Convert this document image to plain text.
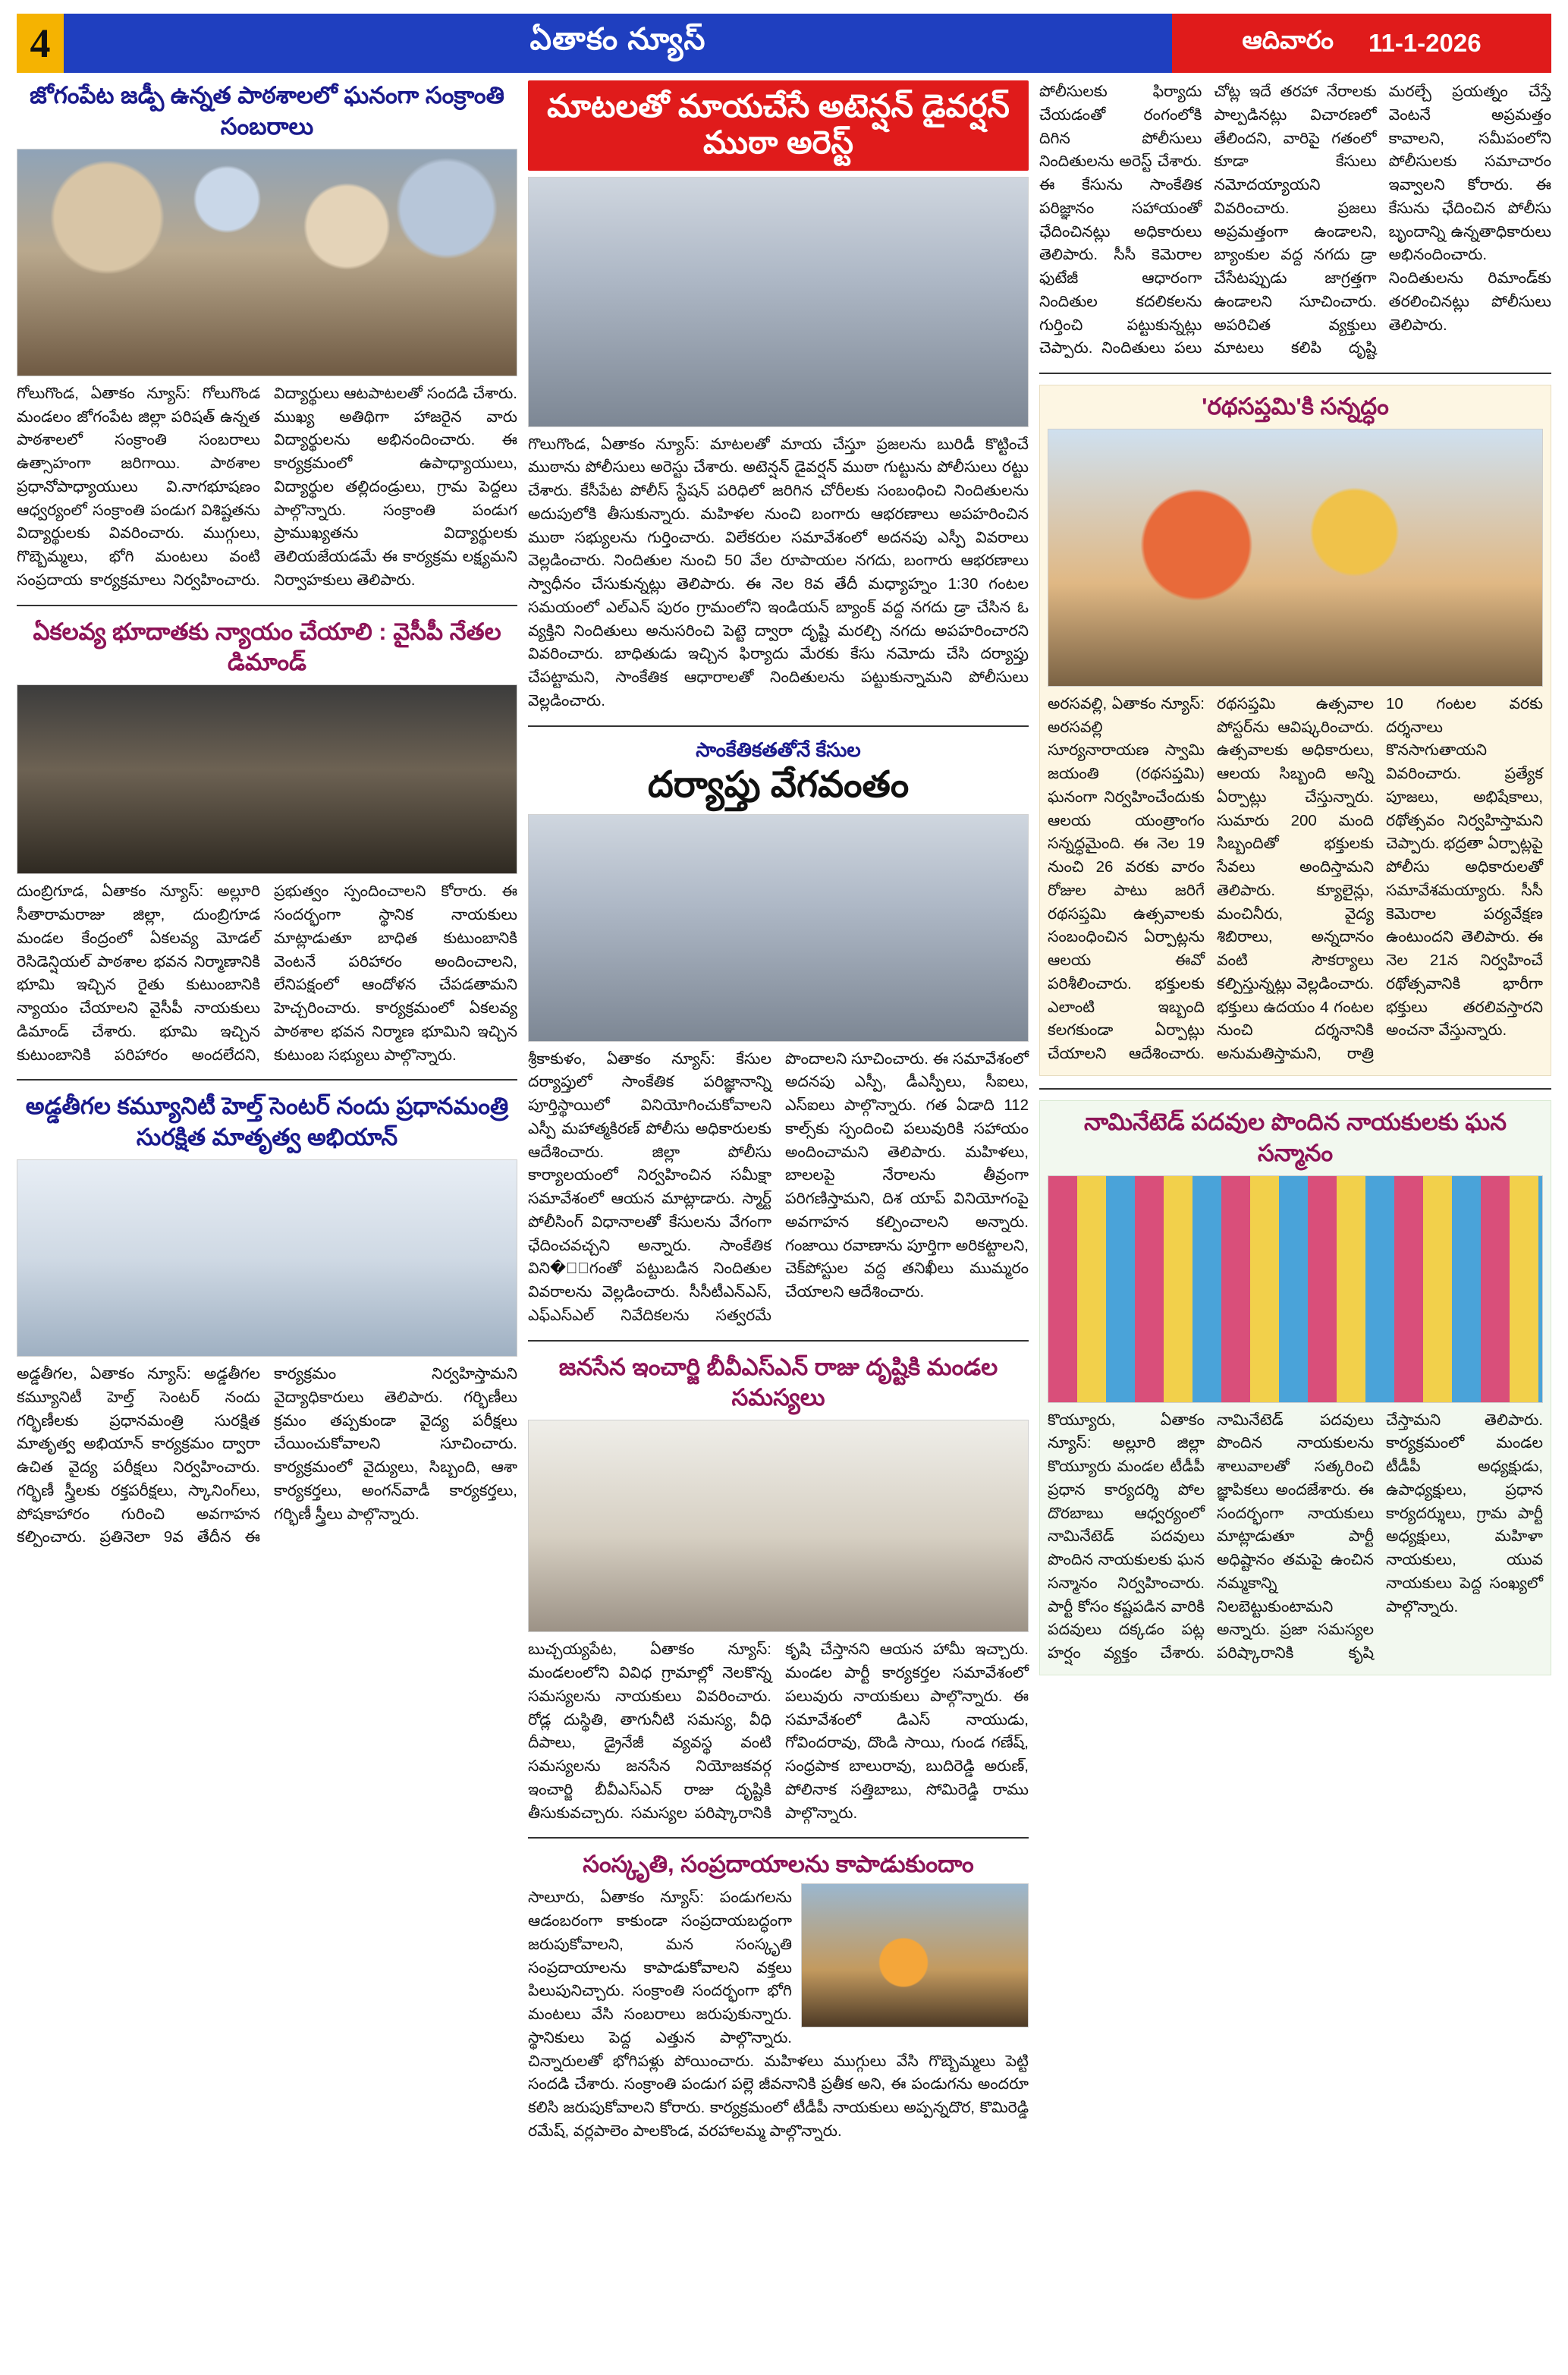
4	ఏతాకం న్యూస్	ఆదివారం 11-1-2026
జోగంపేట జడ్పీ ఉన్నత పాఠశాలలో ఘనంగా సంక్రాంతి సంబరాలు

గోలుగొండ, ఏతాకం న్యూస్: గోలుగొండ మండలం జోగంపేట జిల్లా పరిషత్ ఉన్నత పాఠశాలలో సంక్రాంతి సంబరాలు ఉత్సాహంగా జరిగాయి. పాఠశాల ప్రధానోపాధ్యాయులు వి.నాగభూషణం ఆధ్వర్యంలో సంక్రాంతి పండుగ విశిష్టతను విద్యార్థులకు వివరించారు. ముగ్గులు, గొబ్బెమ్మలు, భోగి మంటలు వంటి సంప్రదాయ కార్యక్రమాలు నిర్వహించారు. విద్యార్థులు ఆటపాటలతో సందడి చేశారు. ముఖ్య అతిథిగా హాజరైన వారు విద్యార్థులను అభినందించారు. ఈ కార్యక్రమంలో ఉపాధ్యాయులు, విద్యార్థుల తల్లిదండ్రులు, గ్రామ పెద్దలు పాల్గొన్నారు. సంక్రాంతి పండుగ ప్రాముఖ్యతను విద్యార్థులకు తెలియజేయడమే ఈ కార్యక్రమ లక్ష్యమని నిర్వాహకులు తెలిపారు.

ఏకలవ్య భూదాతకు న్యాయం చేయాలి : వైసీపీ నేతల డిమాండ్

దుంబ్రిగూడ, ఏతాకం న్యూస్: అల్లూరి సీతారామరాజు జిల్లా, దుంబ్రిగూడ మండల కేంద్రంలో ఏకలవ్య మోడల్ రెసిడెన్షియల్ పాఠశాల భవన నిర్మాణానికి భూమి ఇచ్చిన రైతు కుటుంబానికి న్యాయం చేయాలని వైసీపీ నాయకులు డిమాండ్ చేశారు. భూమి ఇచ్చిన కుటుంబానికి పరిహారం అందలేదని, ప్రభుత్వం స్పందించాలని కోరారు. ఈ సందర్భంగా స్థానిక నాయకులు మాట్లాడుతూ బాధిత కుటుంబానికి వెంటనే పరిహారం అందించాలని, లేనిపక్షంలో ఆందోళన చేపడతామని హెచ్చరించారు. కార్యక్రమంలో ఏకలవ్య పాఠశాల భవన నిర్మాణ భూమిని ఇచ్చిన కుటుంబ సభ్యులు పాల్గొన్నారు.

అడ్డతీగల కమ్యూనిటీ హెల్త్ సెంటర్ నందు ప్రధానమంత్రి సురక్షిత మాతృత్వ అభియాన్

అడ్డతీగల, ఏతాకం న్యూస్: అడ్డతీగల కమ్యూనిటీ హెల్త్ సెంటర్ నందు గర్భిణీలకు ప్రధానమంత్రి సురక్షిత మాతృత్వ అభియాన్ కార్యక్రమం ద్వారా ఉచిత వైద్య పరీక్షలు నిర్వహించారు. గర్భిణీ స్త్రీలకు రక్తపరీక్షలు, స్కానింగ్‌లు, పోషకాహారం గురించి అవగాహన కల్పించారు. ప్రతినెలా 9వ తేదీన ఈ కార్యక్రమం నిర్వహిస్తామని వైద్యాధికారులు తెలిపారు. గర్భిణీలు క్రమం తప్పకుండా వైద్య పరీక్షలు చేయించుకోవాలని సూచించారు. కార్యక్రమంలో వైద్యులు, సిబ్బంది, ఆశా కార్యకర్తలు, అంగన్‌వాడీ కార్యకర్తలు, గర్భిణీ స్త్రీలు పాల్గొన్నారు.

మాటలతో మాయచేసే అటెన్షన్ డైవర్షన్ ముఠా అరెస్ట్

గొలుగొండ, ఏతాకం న్యూస్: మాటలతో మాయ చేస్తూ ప్రజలను బురిడీ కొట్టించే ముఠాను పోలీసులు అరెస్టు చేశారు. అటెన్షన్ డైవర్షన్ ముఠా గుట్టును పోలీసులు రట్టు చేశారు. కేసీపేట పోలీస్ స్టేషన్ పరిధిలో జరిగిన చోరీలకు సంబంధించి నిందితులను అదుపులోకి తీసుకున్నారు. మహిళల నుంచి బంగారు ఆభరణాలు అపహరించిన ముఠా సభ్యులను గుర్తించారు. విలేకరుల సమావేశంలో అదనపు ఎస్పీ వివరాలు వెల్లడించారు. నిందితుల నుంచి 50 వేల రూపాయల నగదు, బంగారు ఆభరణాలు స్వాధీనం చేసుకున్నట్లు తెలిపారు. ఈ నెల 8వ తేదీ మధ్యాహ్నం 1:30 గంటల సమయంలో ఎల్‌ఎన్ పురం గ్రామంలోని ఇండియన్ బ్యాంక్ వద్ద నగదు డ్రా చేసిన ఓ వ్యక్తిని నిందితులు అనుసరించి పెట్టె ద్వారా దృష్టి మరల్చి నగదు అపహరించారని వివరించారు. బాధితుడు ఇచ్చిన ఫిర్యాదు మేరకు కేసు నమోదు చేసి దర్యాప్తు చేపట్టామని, సాంకేతిక ఆధారాలతో నిందితులను పట్టుకున్నామని పోలీసులు వెల్లడించారు.

సాంకేతికతతోనే కేసుల

దర్యాప్తు వేగవంతం

శ్రీకాకుళం, ఏతాకం న్యూస్: కేసుల దర్యాప్తులో సాంకేతిక పరిజ్ఞానాన్ని పూర్తిస్థాయిలో వినియోగించుకోవాలని ఎస్పీ మహాత్మకిరణ్ పోలీసు అధికారులకు ఆదేశించారు. జిల్లా పోలీసు కార్యాలయంలో నిర్వహించిన సమీక్షా సమావేశంలో ఆయన మాట్లాడారు. స్మార్ట్ పోలీసింగ్ విధానాలతో కేసులను వేగంగా ఛేదించవచ్చని అన్నారు. సాంకేతిక విని��ోగంతో పట్టుబడిన నిందితుల వివరాలను వెల్లడించారు. సీసీటీఎన్ఎస్, ఎఫ్ఎస్ఎల్ నివేదికలను సత్వరమే పొందాలని సూచించారు. ఈ సమావేశంలో అదనపు ఎస్పీ, డీఎస్పీలు, సీఐలు, ఎస్ఐలు పాల్గొన్నారు. గత ఏడాది 112 కాల్స్‌కు స్పందించి పలువురికి సహాయం అందించామని తెలిపారు. మహిళలు, బాలలపై నేరాలను తీవ్రంగా పరిగణిస్తామని, దిశ యాప్ వినియోగంపై అవగాహన కల్పించాలని అన్నారు. గంజాయి రవాణాను పూర్తిగా అరికట్టాలని, చెక్‌పోస్టుల వద్ద తనిఖీలు ముమ్మరం చేయాలని ఆదేశించారు.

జనసేన ఇంచార్జి బీవీఎస్ఎన్ రాజు దృష్టికి మండల సమస్యలు

బుచ్చయ్యపేట, ఏతాకం న్యూస్: మండలంలోని వివిధ గ్రామాల్లో నెలకొన్న సమస్యలను నాయకులు వివరించారు. రోడ్ల దుస్థితి, తాగునీటి సమస్య, వీధి దీపాలు, డ్రైనేజీ వ్యవస్థ వంటి సమస్యలను జనసేన నియోజకవర్గ ఇంచార్జి బీవీఎస్ఎన్ రాజు దృష్టికి తీసుకువచ్చారు. సమస్యల పరిష్కారానికి కృషి చేస్తానని ఆయన హామీ ఇచ్చారు. మండల పార్టీ కార్యకర్తల సమావేశంలో పలువురు నాయకులు పాల్గొన్నారు. ఈ సమావేశంలో డిఎస్ నాయుడు, గోవిందరావు, దొండి సాయి, గుండ గణేష్, సంధ్రపాక బాలురావు, బుదిరెడ్డి అరుణ్, పోలినాక సత్తిబాబు, సోమిరెడ్డి రాము పాల్గొన్నారు.

సంస్కృతి, సంప్రదాయాలను కాపాడుకుందాం

సాలూరు, ఏతాకం న్యూస్: పండుగలను ఆడంబరంగా కాకుండా సంప్రదాయబద్ధంగా జరుపుకోవాలని, మన సంస్కృతి సంప్రదాయాలను కాపాడుకోవాలని వక్తలు పిలుపునిచ్చారు. సంక్రాంతి సందర్భంగా భోగి మంటలు వేసి సంబరాలు జరుపుకున్నారు. స్థానికులు పెద్ద ఎత్తున పాల్గొన్నారు. చిన్నారులతో భోగిపళ్లు పోయించారు. మహిళలు ముగ్గులు వేసి గొబ్బెమ్మలు పెట్టి సందడి చేశారు. సంక్రాంతి పండుగ పల్లె జీవనానికి ప్రతీక అని, ఈ పండుగను అందరూ కలిసి జరుపుకోవాలని కోరారు. కార్యక్రమంలో టీడీపీ నాయకులు అప్పన్నదొర, కొమిరెడ్డి రమేష్, వర్లపాలెం పాలకొండ, వరహాలమ్మ పాల్గొన్నారు.

పోలీసులకు ఫిర్యాదు చేయడంతో రంగంలోకి దిగిన పోలీసులు నిందితులను అరెస్ట్ చేశారు. ఈ కేసును సాంకేతిక పరిజ్ఞానం సహాయంతో ఛేదించినట్లు అధికారులు తెలిపారు. సీసీ కెమెరాల ఫుటేజీ ఆధారంగా నిందితుల కదలికలను గుర్తించి పట్టుకున్నట్లు చెప్పారు. నిందితులు పలు చోట్ల ఇదే తరహా నేరాలకు పాల్పడినట్లు విచారణలో తేలిందని, వారిపై గతంలో కూడా కేసులు నమోదయ్యాయని వివరించారు. ప్రజలు అప్రమత్తంగా ఉండాలని, బ్యాంకుల వద్ద నగదు డ్రా చేసేటప్పుడు జాగ్రత్తగా ఉండాలని సూచించారు. అపరిచిత వ్యక్తులు మాటలు కలిపి దృష్టి మరల్చే ప్రయత్నం చేస్తే వెంటనే అప్రమత్తం కావాలని, సమీపంలోని పోలీసులకు సమాచారం ఇవ్వాలని కోరారు. ఈ కేసును ఛేదించిన పోలీసు బృందాన్ని ఉన్నతాధికారులు అభినందించారు. నిందితులను రిమాండ్‌కు తరలించినట్లు పోలీసులు తెలిపారు.

'రథసప్తమి'కి సన్నద్ధం

అరసవల్లి, ఏతాకం న్యూస్: అరసవల్లి సూర్యనారాయణ స్వామి జయంతి (రథసప్తమి) ఘనంగా నిర్వహించేందుకు ఆలయ యంత్రాంగం సన్నద్ధమైంది. ఈ నెల 19 నుంచి 26 వరకు వారం రోజుల పాటు జరిగే రథసప్తమి ఉత్సవాలకు సంబంధించిన ఏర్పాట్లను ఆలయ ఈవో పరిశీలించారు. భక్తులకు ఎలాంటి ఇబ్బంది కలగకుండా ఏర్పాట్లు చేయాలని ఆదేశించారు. రథసప్తమి ఉత్సవాల పోస్టర్‌ను ఆవిష్కరించారు. ఉత్సవాలకు అధికారులు, ఆలయ సిబ్బంది అన్ని ఏర్పాట్లు చేస్తున్నారు. సుమారు 200 మంది సిబ్బందితో భక్తులకు సేవలు అందిస్తామని తెలిపారు. క్యూలైన్లు, మంచినీరు, వైద్య శిబిరాలు, అన్నదానం వంటి సౌకర్యాలు కల్పిస్తున్నట్లు వెల్లడించారు. భక్తులు ఉదయం 4 గంటల నుంచి దర్శనానికి అనుమతిస్తామని, రాత్రి 10 గంటల వరకు దర్శనాలు కొనసాగుతాయని వివరించారు. ప్రత్యేక పూజలు, అభిషేకాలు, రథోత్సవం నిర్వహిస్తామని చెప్పారు. భద్రతా ఏర్పాట్లపై పోలీసు అధికారులతో సమావేశమయ్యారు. సీసీ కెమెరాల పర్యవేక్షణ ఉంటుందని తెలిపారు. ఈ నెల 21న నిర్వహించే రథోత్సవానికి భారీగా భక్తులు తరలివస్తారని అంచనా వేస్తున్నారు.

నామినేటెడ్ పదవుల పొందిన నాయకులకు ఘన సన్మానం

కొయ్యూరు, ఏతాకం న్యూస్: అల్లూరి జిల్లా కొయ్యూరు మండల టీడీపీ ప్రధాన కార్యదర్శి పోల దొరబాబు ఆధ్వర్యంలో నామినేటెడ్ పదవులు పొందిన నాయకులకు ఘన సన్మానం నిర్వహించారు. పార్టీ కోసం కష్టపడిన వారికి పదవులు దక్కడం పట్ల హర్షం వ్యక్తం చేశారు. నామినేటెడ్ పదవులు పొందిన నాయకులను శాలువాలతో సత్కరించి జ్ఞాపికలు అందజేశారు. ఈ సందర్భంగా నాయకులు మాట్లాడుతూ పార్టీ అధిష్టానం తమపై ఉంచిన నమ్మకాన్ని నిలబెట్టుకుంటామని అన్నారు. ప్రజా సమస్యల పరిష్కారానికి కృషి చేస్తామని తెలిపారు. కార్యక్రమంలో మండల టీడీపీ అధ్యక్షుడు, ఉపాధ్యక్షులు, ప్రధాన కార్యదర్శులు, గ్రామ పార్టీ అధ్యక్షులు, మహిళా నాయకులు, యువ నాయకులు పెద్ద సంఖ్యలో పాల్గొన్నారు.
